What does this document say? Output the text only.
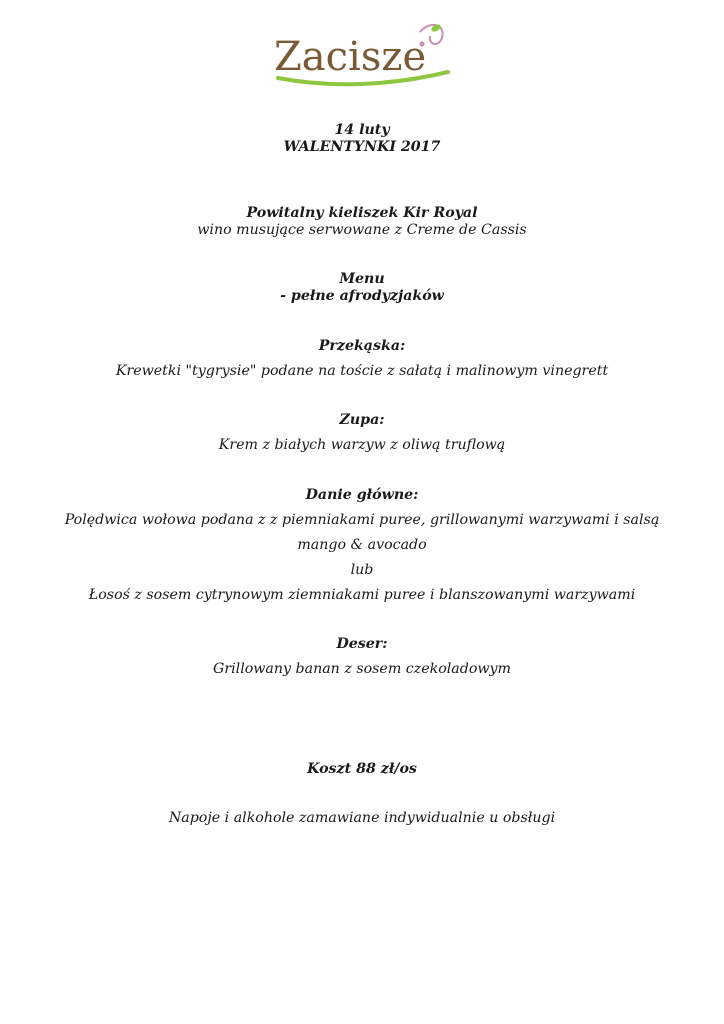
Zacisze
14 luty
WALENTYNKI 2017
Powitalny kieliszek Kir Royal
wino musujące serwowane z Creme de Cassis
Menu
- pełne afrodyzjaków
Przekąska:
Krewetki "tygrysie" podane na toście z sałatą i malinowym vinegrett
Zupa:
Krem z białych warzyw z oliwą truflową
Danie główne:
Polędwica wołowa podana z z piemniakami puree, grillowanymi warzywami i salsą
mango & avocado
lub
Łosoś z sosem cytrynowym ziemniakami puree i blanszowanymi warzywami
Deser:
Grillowany banan z sosem czekoladowym
Koszt 88 zł/os
Napoje i alkohole zamawiane indywidualnie u obsługi
